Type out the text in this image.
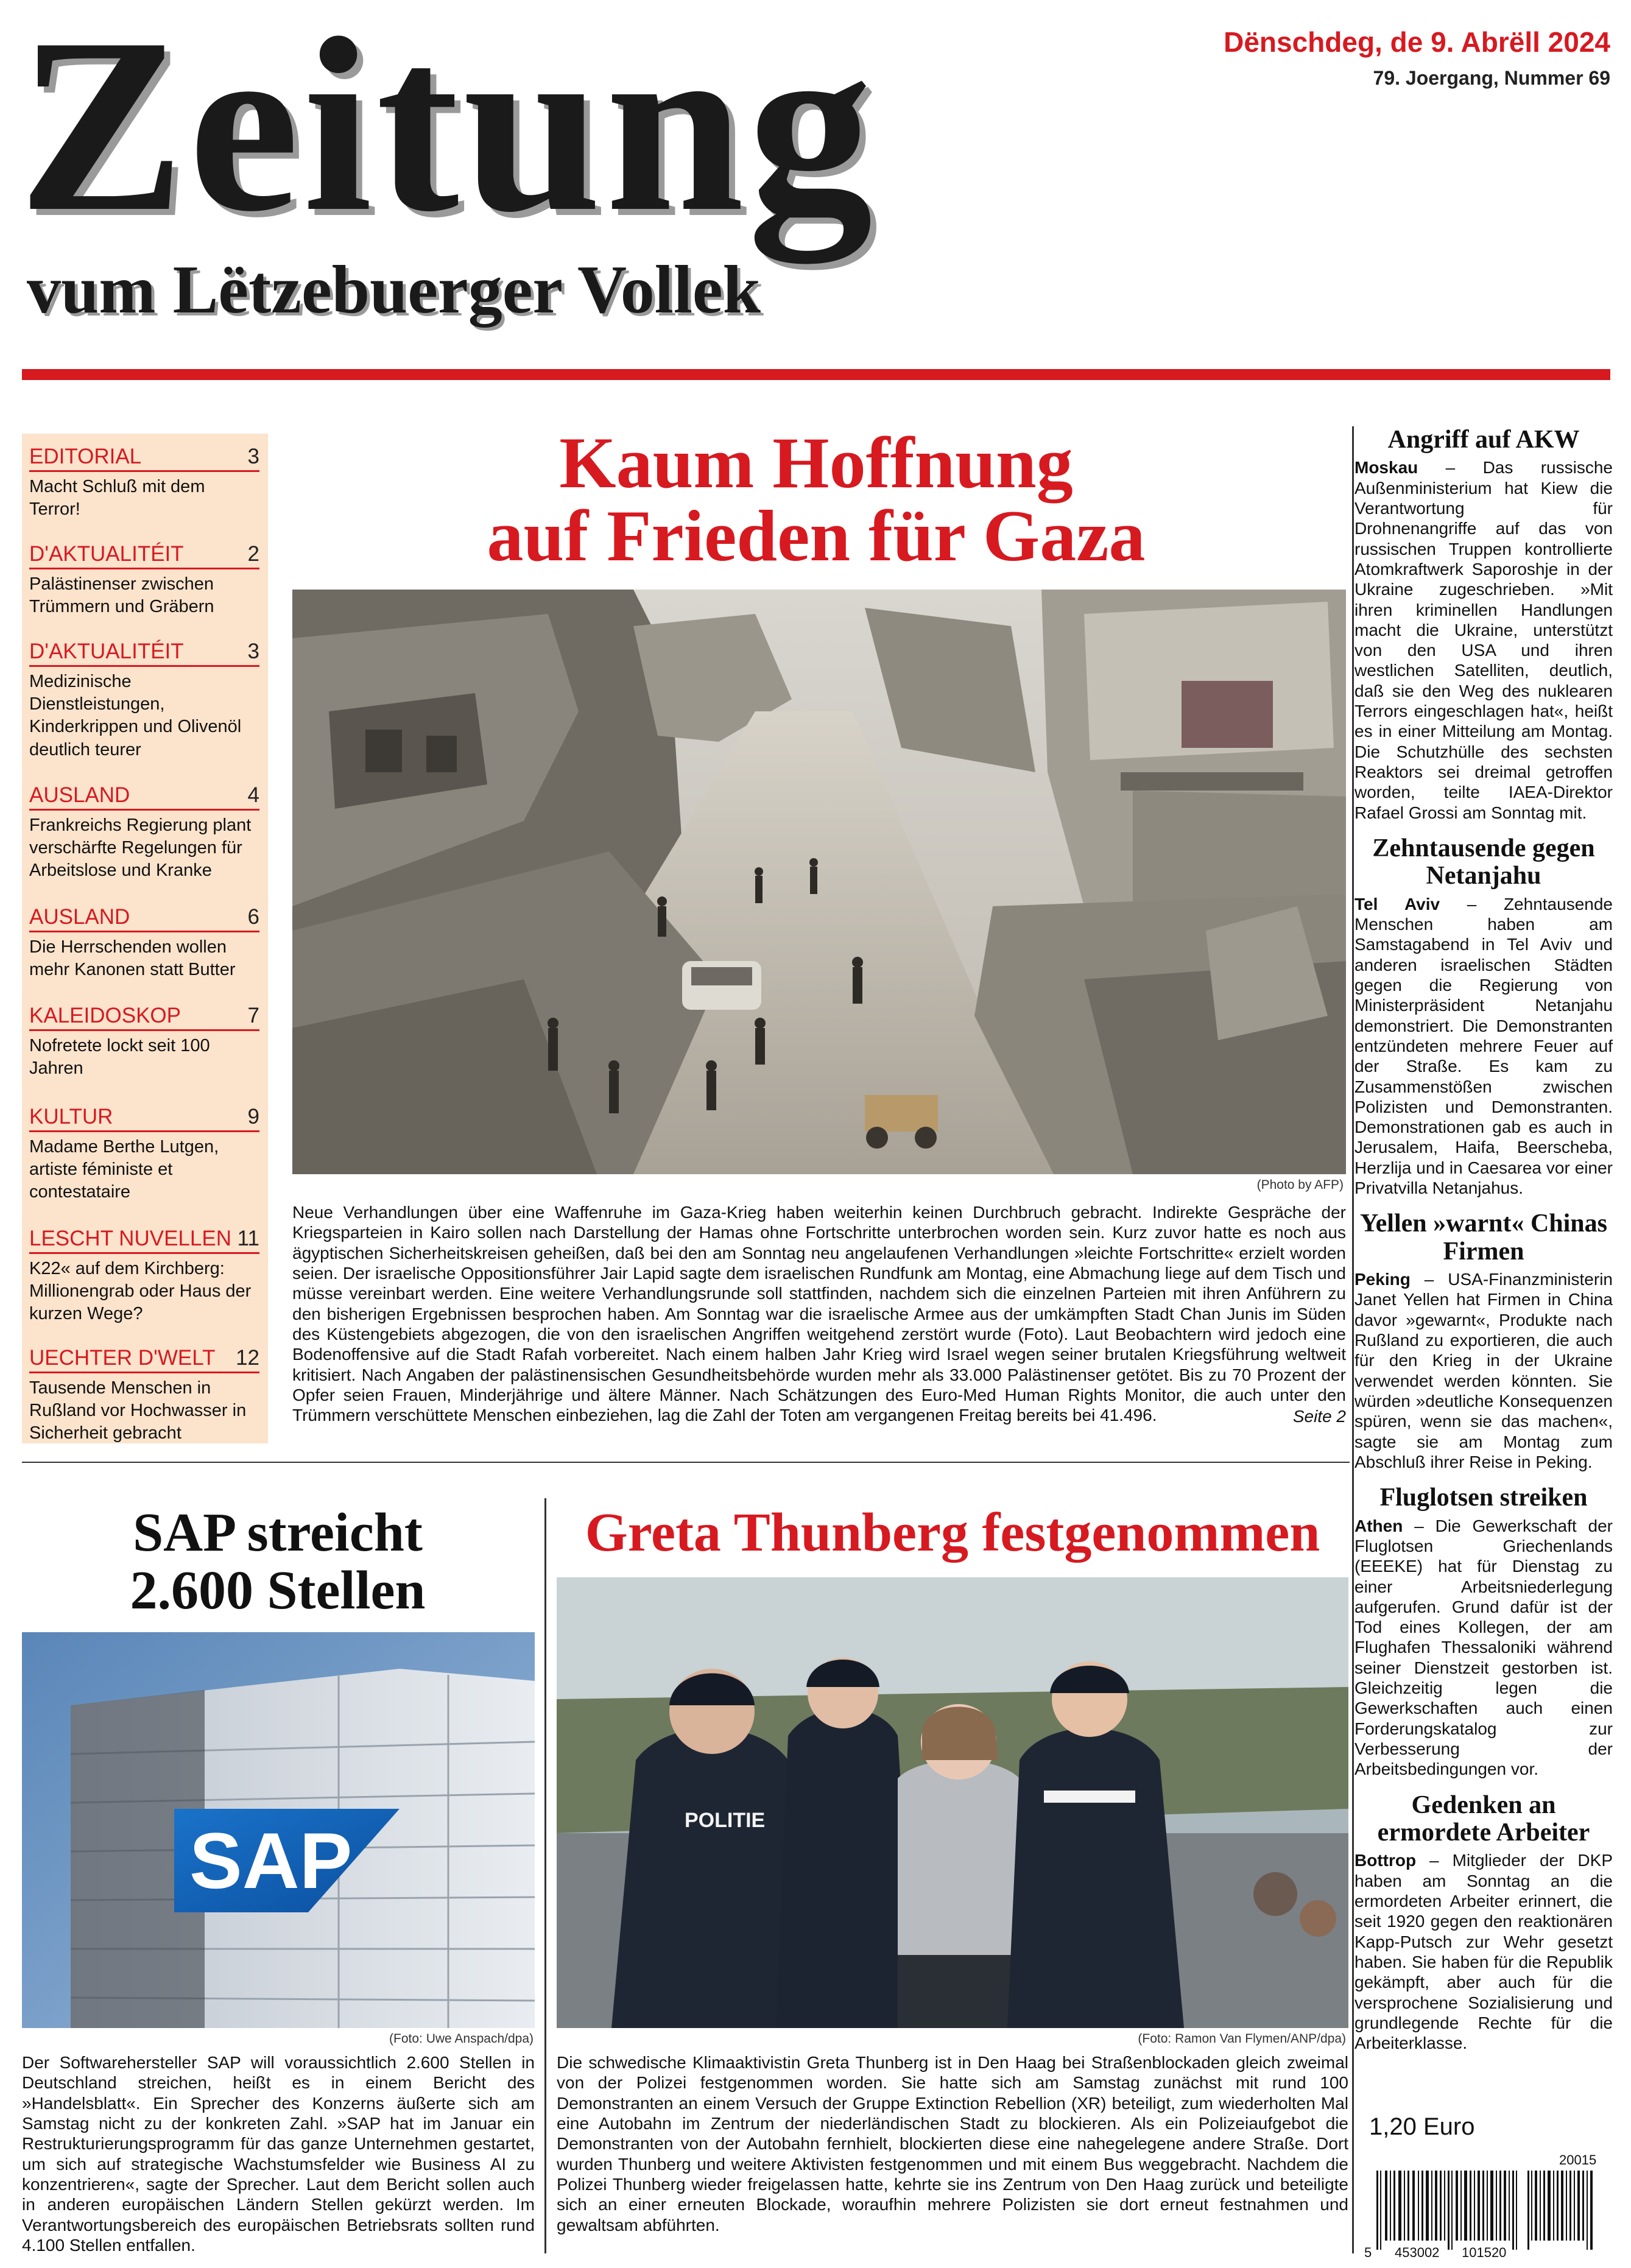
Zeitung
vum Lëtzebuerger Vollek
Dënschdeg, de 9. Abrëll 2024
79. Joergang, Nummer 69
EDITORIAL	3
Macht Schluß mit dem Terror!
D'AKTUALITÉIT	2
Palästinenser zwischen Trümmern und Gräbern
D'AKTUALITÉIT	3
Medizinische Dienstleistungen, Kinderkrippen und Olivenöl deutlich teurer
AUSLAND	4
Frankreichs Regierung plant verschärfte Regelungen für Arbeitslose und Kranke
AUSLAND	6
Die Herrschenden wollen mehr Kanonen statt Butter
KALEIDOSKOP	7
Nofretete lockt seit 100 Jahren
KULTUR	9
Madame Berthe Lutgen, artiste féministe et contestataire
LESCHT NUVELLEN 11
K22« auf dem Kirchberg: Millionengrab oder Haus der kurzen Wege?
UECHTER D'WELT 12
Tausende Menschen in Rußland vor Hochwasser in Sicherheit gebracht
Kaum Hoffnung
auf Frieden für Gaza
(Photo by AFP)
Neue Verhandlungen über eine Waffenruhe im Gaza-Krieg haben weiterhin keinen Durchbruch gebracht. Indirekte Gespräche der Kriegsparteien in Kairo sollen nach Darstellung der Hamas ohne Fortschritte unterbrochen worden sein. Kurz zuvor hatte es noch aus ägyptischen Sicherheitskreisen geheißen, daß bei den am Sonntag neu angelaufenen Verhandlungen »leichte Fortschritte« erzielt worden seien. Der israelische Oppositionsführer Jair Lapid sagte dem israelischen Rundfunk am Montag, eine Abmachung liege auf dem Tisch und müsse vereinbart werden. Eine weitere Verhandlungsrunde soll stattfinden, nachdem sich die einzelnen Parteien mit ihren Anführern zu den bisherigen Ergebnissen besprochen haben. Am Sonntag war die israelische Armee aus der umkämpften Stadt Chan Junis im Süden des Küstengebiets abgezogen, die von den israelischen Angriffen weitgehend zerstört wurde (Foto). Laut Beobachtern wird jedoch eine Bodenoffensive auf die Stadt Rafah vorbereitet. Nach einem halben Jahr Krieg wird Israel wegen seiner brutalen Kriegsführung weltweit kritisiert. Nach Angaben der palästinensischen Gesundheitsbehörde wurden mehr als 33.000 Palästinenser getötet. Bis zu 70 Prozent der Opfer seien Frauen, Minderjährige und ältere Männer. Nach Schätzungen des Euro-Med Human Rights Monitor, die auch unter den Trümmern verschüttete Menschen einbeziehen, lag die Zahl der Toten am vergangenen Freitag bereits bei 41.496.	Seite 2
Angriff auf AKW
Moskau – Das russische Außenministerium hat Kiew die Verantwortung für Drohnenangriffe auf das von russischen Truppen kontrollierte Atomkraftwerk Saporoshje in der Ukraine zugeschrieben. »Mit ihren kriminellen Handlungen macht die Ukraine, unterstützt von den USA und ihren westlichen Satelliten, deutlich, daß sie den Weg des nuklearen Terrors eingeschlagen hat«, heißt es in einer Mitteilung am Montag. Die Schutzhülle des sechsten Reaktors sei dreimal getroffen worden, teilte IAEA-Direktor Rafael Grossi am Sonntag mit.
Zehntausende gegen Netanjahu
Tel Aviv – Zehntausende Menschen haben am Samstagabend in Tel Aviv und anderen israelischen Städten gegen die Regierung von Ministerpräsident Netanjahu demonstriert. Die Demonstranten entzündeten mehrere Feuer auf der Straße. Es kam zu Zusammenstößen zwischen Polizisten und Demonstranten. Demonstrationen gab es auch in Jerusalem, Haifa, Beerscheba, Herzlija und in Caesarea vor einer Privatvilla Netanjahus.
Yellen »warnt« Chinas Firmen
Peking – USA-Finanzministerin Janet Yellen hat Firmen in China davor »gewarnt«, Produkte nach Rußland zu exportieren, die auch für den Krieg in der Ukraine verwendet werden könnten. Sie würden »deutliche Konsequenzen spüren, wenn sie das machen«, sagte sie am Montag zum Abschluß ihrer Reise in Peking.
Fluglotsen streiken
Athen – Die Gewerkschaft der Fluglotsen Griechenlands (EEEKE) hat für Dienstag zu einer Arbeitsniederlegung aufgerufen. Grund dafür ist der Tod eines Kollegen, der am Flughafen Thessaloniki während seiner Dienstzeit gestorben ist. Gleichzeitig legen die Gewerkschaften auch einen Forderungskatalog zur Verbesserung der Arbeitsbedingungen vor.
Gedenken an ermordete Arbeiter
Bottrop – Mitglieder der DKP haben am Sonntag an die ermordeten Arbeiter erinnert, die seit 1920 gegen den reaktionären Kapp-Putsch zur Wehr gesetzt haben. Sie haben für die Republik gekämpft, aber auch für die versprochene Sozialisierung und grundlegende Rechte für die Arbeiterklasse.
SAP streicht
2.600 Stellen
SAP
(Foto: Uwe Anspach/dpa)
Der Softwarehersteller SAP will voraussichtlich 2.600 Stellen in Deutschland streichen, heißt es in einem Bericht des »Handelsblatt«. Ein Sprecher des Konzerns äußerte sich am Samstag nicht zu der konkreten Zahl. »SAP hat im Januar ein Restrukturierungsprogramm für das ganze Unternehmen gestartet, um sich auf strategische Wachstumsfelder wie Business AI zu konzentrieren«, sagte der Sprecher. Laut dem Bericht sollen auch in anderen europäischen Ländern Stellen gekürzt werden. Im Verantwortungsbereich des europäischen Betriebsrats sollten rund 4.100 Stellen entfallen.
Greta Thunberg festgenommen
POLITIE
(Foto: Ramon Van Flymen/ANP/dpa)
Die schwedische Klimaaktivistin Greta Thunberg ist in Den Haag bei Straßenblockaden gleich zweimal von der Polizei festgenommen worden. Sie hatte sich am Samstag zunächst mit rund 100 Demonstranten an einem Versuch der Gruppe Extinction Rebellion (XR) beteiligt, zum wiederholten Mal eine Autobahn im Zentrum der niederländischen Stadt zu blockieren. Als ein Polizeiaufgebot die Demonstranten von der Autobahn fernhielt, blockierten diese eine nahegelegene andere Straße. Dort wurden Thunberg und weitere Aktivisten festgenommen und mit einem Bus weggebracht. Nachdem die Polizei Thunberg wieder freigelassen hatte, kehrte sie ins Zentrum von Den Haag zurück und beteiligte sich an einer erneuten Blockade, woraufhin mehrere Polizisten sie dort erneut festnahmen und gewaltsam abführten.
1,20 Euro
20015
5 453002 101520
